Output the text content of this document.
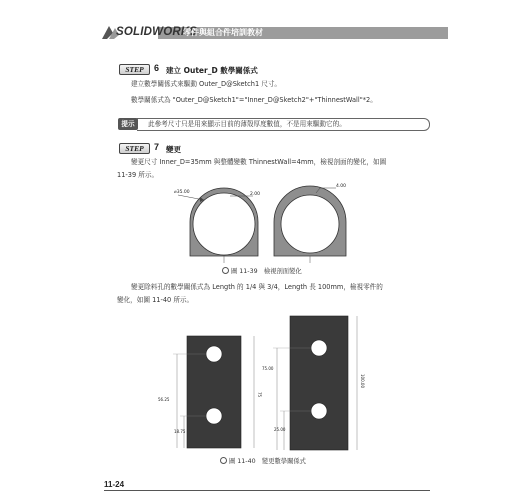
SOLIDWORKS
零件與組合件培訓教材
STEP	6 建立 Outer_D 數學關係式
建立數學關係式來驅動 Outer_D@Sketch1 尺寸。
數學關係式為 "Outer_D@Sketch1"="Inner_D@Sketch2"+"ThinnestWall"*2。
提示	此參考尺寸只是用來顯示目前的薄殼厚度數值，不是用來驅動它的。
STEP	7 變更
變更尺寸 Inner_D=35mm 與整體變數 ThinnestWall=4mm，檢視剖面的變化，如圖
11-39 所示。
⌀35.00	2.00
4.00
圖 11-39　檢視剖面變化
變更除料孔的數學關係式為 Length 的 1/4 與 3/4，Length 長 100mm，檢視零件的
變化，如圖 11-40 所示。
56.25
18.75
75
75.00
25.00
100.00
圖 11-40　變更數學關係式
11-24
